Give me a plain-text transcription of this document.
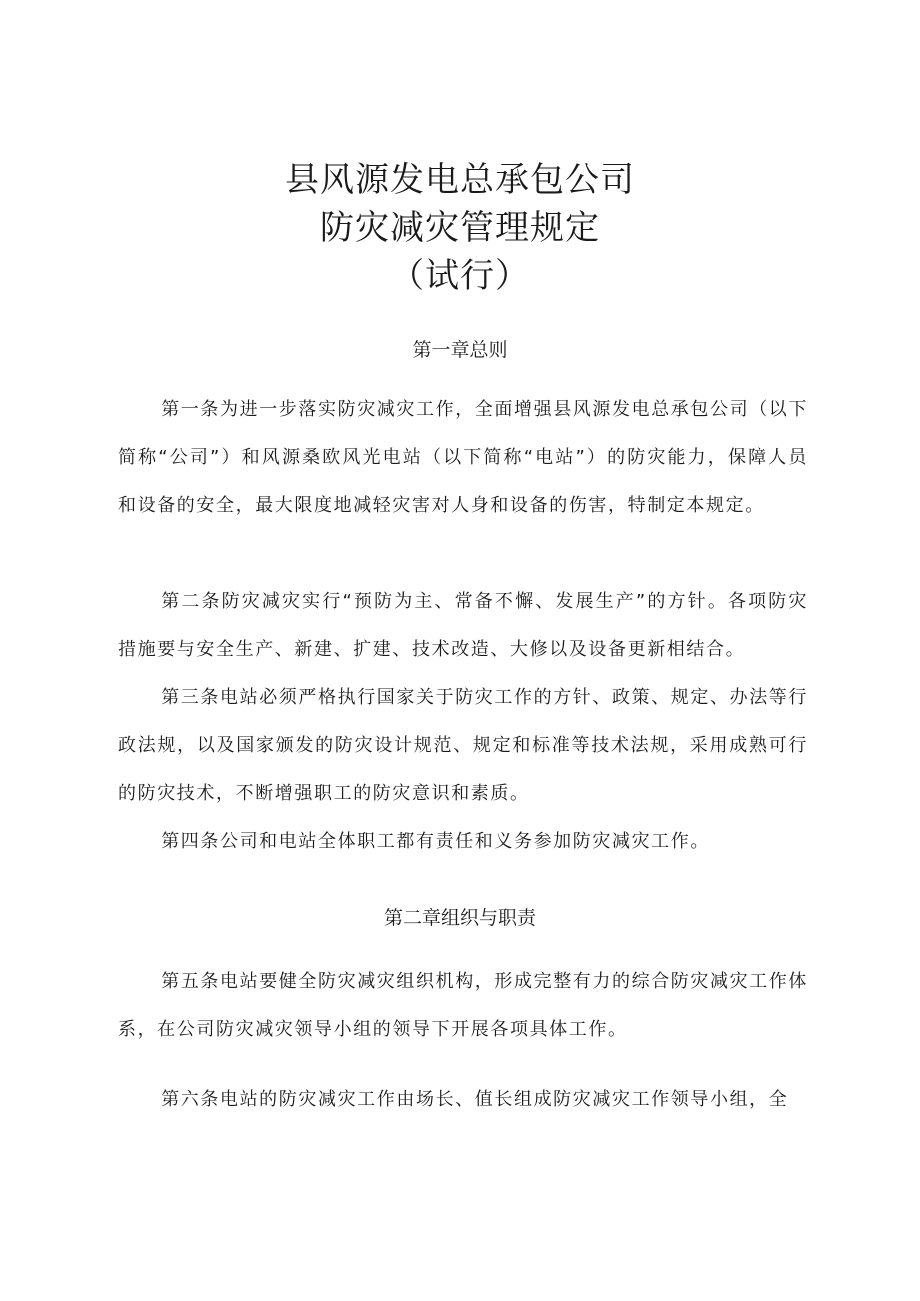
县风源发电总承包公司
防灾减灾管理规定
（试行）
第一章总则

第一条为进一步落实防灾减灾工作，全面增强县风源发电总承包公司（以下简称“公司”）和风源桑欧风光电站（以下简称“电站”）的防灾能力，保障人员和设备的安全，最大限度地减轻灾害对人身和设备的伤害，特制定本规定。

第二条防灾减灾实行“预防为主、常备不懈、发展生产”的方针。各项防灾措施要与安全生产、新建、扩建、技术改造、大修以及设备更新相结合。

第三条电站必须严格执行国家关于防灾工作的方针、政策、规定、办法等行政法规，以及国家颁发的防灾设计规范、规定和标准等技术法规，采用成熟可行的防灾技术，不断增强职工的防灾意识和素质。

第四条公司和电站全体职工都有责任和义务参加防灾减灾工作。

第二章组织与职责

第五条电站要健全防灾减灾组织机构，形成完整有力的综合防灾减灾工作体系，在公司防灾减灾领导小组的领导下开展各项具体工作。

第六条电站的防灾减灾工作由场长、值长组成防灾减灾工作领导小组，全
